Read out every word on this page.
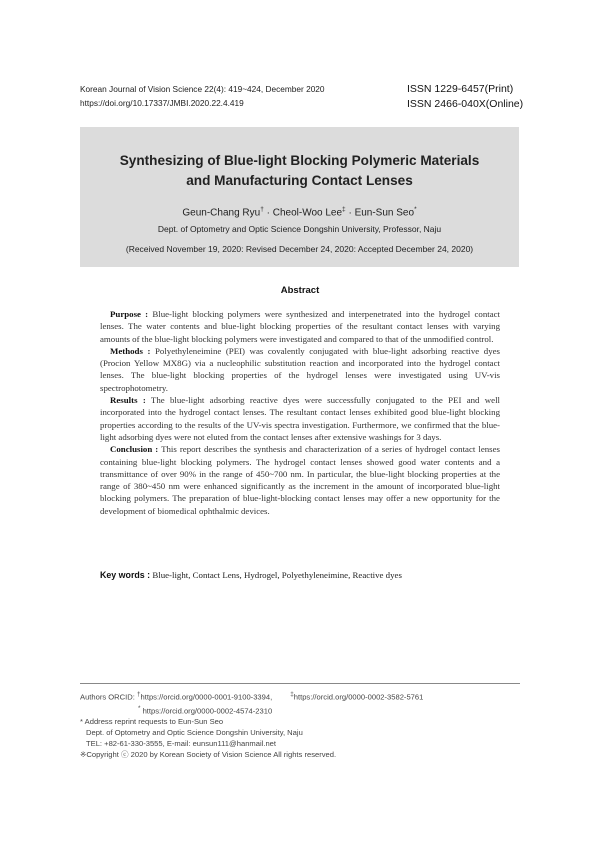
Korean Journal of Vision Science 22(4): 419~424, December 2020
https://doi.org/10.17337/JMBI.2020.22.4.419
ISSN 1229-6457(Print)
ISSN 2466-040X(Online)
Synthesizing of Blue-light Blocking Polymeric Materials
and Manufacturing Contact Lenses
Geun-Chang Ryu† · Cheol-Woo Lee‡ · Eun-Sun Seo*
Dept. of Optometry and Optic Science Dongshin University, Professor, Naju
(Received November 19, 2020: Revised December 24, 2020: Accepted December 24, 2020)
Abstract

Purpose : Blue-light blocking polymers were synthesized and interpenetrated into the hydrogel contact lenses. The water contents and blue-light blocking properties of the resultant contact lenses with varying amounts of the blue-light blocking polymers were investigated and compared to that of the unmodified control.

Methods : Polyethyleneimine (PEI) was covalently conjugated with blue-light adsorbing reactive dyes (Procion Yellow MX8G) via a nucleophilic substitution reaction and incorporated into the hydrogel contact lenses. The blue-light blocking properties of the hydrogel lenses were investigated using UV-vis spectrophotometry.

Results : The blue-light adsorbing reactive dyes were successfully conjugated to the PEI and well incorporated into the hydrogel contact lenses. The resultant contact lenses exhibited good blue-light blocking properties according to the results of the UV-vis spectra investigation. Furthermore, we confirmed that the blue-light adsorbing dyes were not eluted from the contact lenses after extensive washings for 3 days.

Conclusion : This report describes the synthesis and characterization of a series of hydrogel contact lenses containing blue-light blocking polymers. The hydrogel contact lenses showed good water contents and a transmittance of over 90% in the range of 450~700 nm. In particular, the blue-light blocking properties at the range of 380~450 nm were enhanced significantly as the increment in the amount of incorporated blue-light blocking polymers. The preparation of blue-light-blocking contact lenses may offer a new opportunity for the development of biomedical ophthalmic devices.

Key words : Blue-light, Contact Lens, Hydrogel, Polyethyleneimine, Reactive dyes
Authors ORCID: †https://orcid.org/0000-0001-9100-3394,	‡https://orcid.org/0000-0002-3582-5761
* https://orcid.org/0000-0002-4574-2310
* Address reprint requests to Eun-Sun Seo
Dept. of Optometry and Optic Science Dongshin University, Naju
TEL: +82-61-330-3555, E-mail: eunsun111@hanmail.net
※Copyright ⓒ 2020 by Korean Society of Vision Science All rights reserved.
